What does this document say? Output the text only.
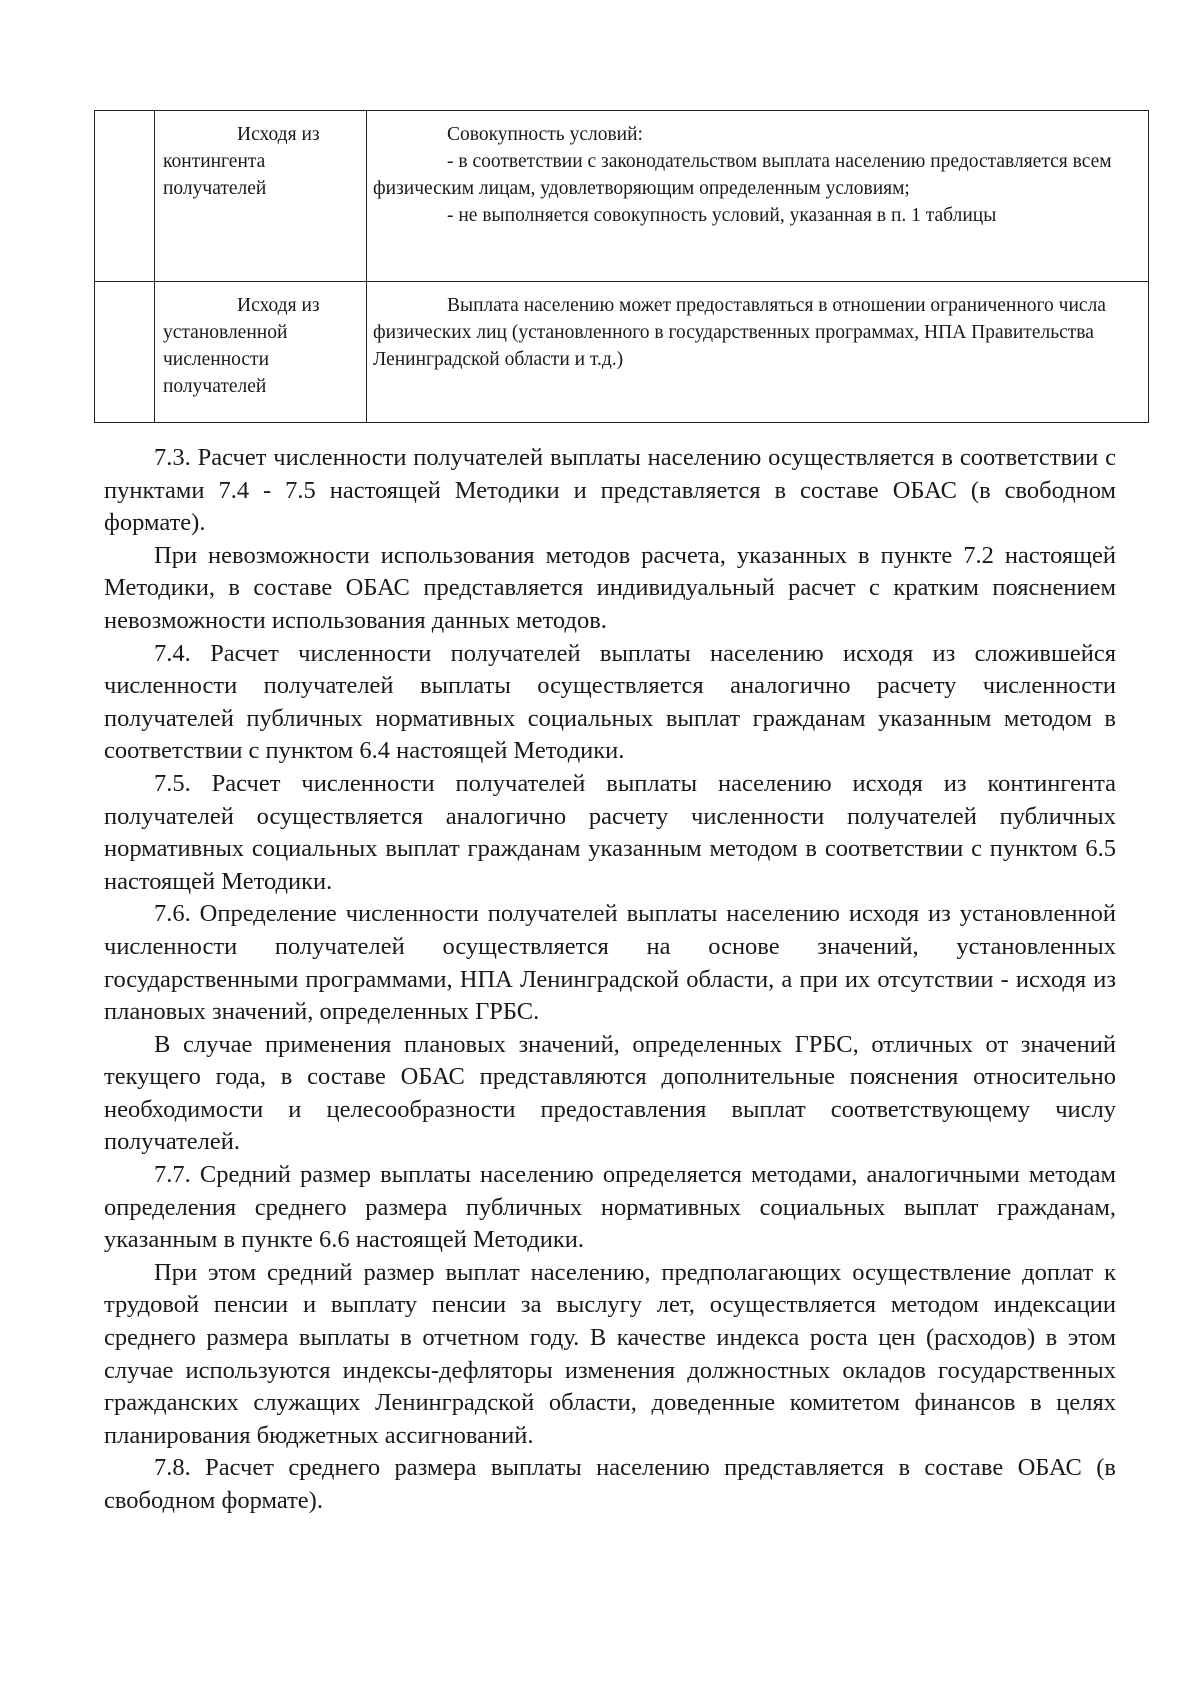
	Исходя из контингента получателей	Совокупность условий:

- в соответствии с законодательством выплата населению предоставляется всем физическим лицам, удовлетворяющим определенным условиям;

- не выполняется совокупность условий, указанная в п. 1 таблицы

	Исходя из установленной численности получателей	Выплата населению может предоставляться в отношении ограниченного числа физических лиц (установленного в государственных программах, НПА Правительства Ленинградской области и т.д.)

7.3. Расчет численности получателей выплаты населению осуществляется в соответствии с пунктами 7.4 - 7.5 настоящей Методики и представляется в составе ОБАС (в свободном формате).

При невозможности использования методов расчета, указанных в пункте 7.2 настоящей Методики, в составе ОБАС представляется индивидуальный расчет с кратким пояснением невозможности использования данных методов.

7.4. Расчет численности получателей выплаты населению исходя из сложившейся численности получателей выплаты осуществляется аналогично расчету численности получателей публичных нормативных социальных выплат гражданам указанным методом в соответствии с пунктом 6.4 настоящей Методики.

7.5. Расчет численности получателей выплаты населению исходя из контингента получателей осуществляется аналогично расчету численности получателей публичных нормативных социальных выплат гражданам указанным методом в соответствии с пунктом 6.5 настоящей Методики.

7.6. Определение численности получателей выплаты населению исходя из установленной численности получателей осуществляется на основе значений, установленных государственными программами, НПА Ленинградской области, а при их отсутствии - исходя из плановых значений, определенных ГРБС.

В случае применения плановых значений, определенных ГРБС, отличных от значений текущего года, в составе ОБАС представляются дополнительные пояснения относительно необходимости и целесообразности предоставления выплат соответствующему числу получателей.

7.7. Средний размер выплаты населению определяется методами, аналогичными методам определения среднего размера публичных нормативных социальных выплат гражданам, указанным в пункте 6.6 настоящей Методики.

При этом средний размер выплат населению, предполагающих осуществление доплат к трудовой пенсии и выплату пенсии за выслугу лет, осуществляется методом индексации среднего размера выплаты в отчетном году. В качестве индекса роста цен (расходов) в этом случае используются индексы-дефляторы изменения должностных окладов государственных гражданских служащих Ленинградской области, доведенные комитетом финансов в целях планирования бюджетных ассигнований.

7.8. Расчет среднего размера выплаты населению представляется в составе ОБАС (в свободном формате).
